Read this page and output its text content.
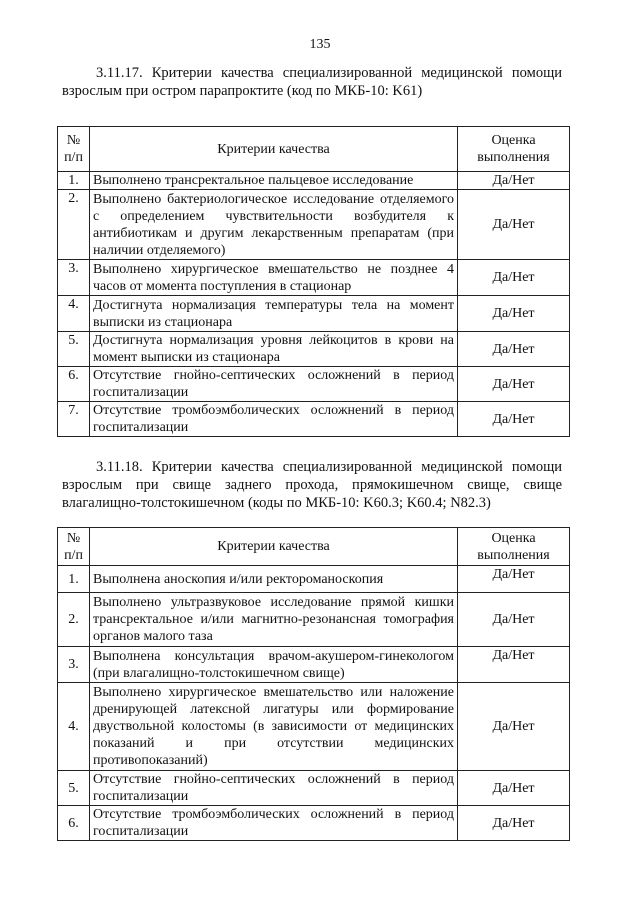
135
3.11.17. Критерии качества специализированной медицинской помощи взрослым при остром парапроктите (код по МКБ-10: K61)
№ п/п	Критерии качества	Оценка выполнения
1.	Выполнено трансректальное пальцевое исследование	Да/Нет
2.	Выполнено бактериологическое исследование отделяемого с определением чувствительности возбудителя к антибиотикам и другим лекарственным препаратам (при наличии отделяемого)	Да/Нет
3.	Выполнено хирургическое вмешательство не позднее 4 часов от момента поступления в стационар	Да/Нет
4.	Достигнута нормализация температуры тела на момент выписки из стационара	Да/Нет
5.	Достигнута нормализация уровня лейкоцитов в крови на момент выписки из стационара	Да/Нет
6.	Отсутствие гнойно-септических осложнений в период госпитализации	Да/Нет
7.	Отсутствие тромбоэмболических осложнений в период госпитализации	Да/Нет
3.11.18. Критерии качества специализированной медицинской помощи взрослым при свище заднего прохода, прямокишечном свище, свище влагалищно-толстокишечном (коды по МКБ-10: K60.3; K60.4; N82.3)
№ п/п	Критерии качества	Оценка выполнения
1.	Выполнена аноскопия и/или ректороманоскопия	Да/Нет
2.	Выполнено ультразвуковое исследование прямой кишки трансректальное и/или магнитно-резонансная томография органов малого таза	Да/Нет
3.	Выполнена консультация врачом-акушером-гинекологом (при влагалищно-толстокишечном свище)	Да/Нет
4.	Выполнено хирургическое вмешательство или наложение дренирующей латексной лигатуры или формирование двуствольной колостомы (в зависимости от медицинских показаний и при отсутствии медицинских противопоказаний)	Да/Нет
5.	Отсутствие гнойно-септических осложнений в период госпитализации	Да/Нет
6.	Отсутствие тромбоэмболических осложнений в период госпитализации	Да/Нет
